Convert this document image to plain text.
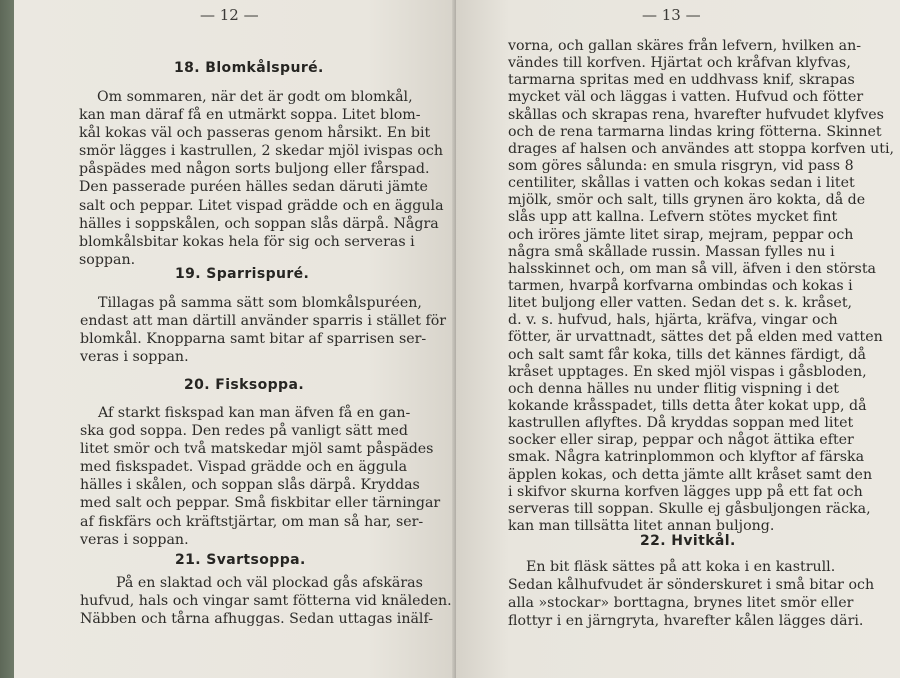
— 12 —
18. Blomkålspuré.
Om sommaren, när det är godt om blomkål,
kan man däraf få en utmärkt soppa. Litet blom-
kål kokas väl och passeras genom hårsikt. En bit
smör lägges i kastrullen, 2 skedar mjöl ivispas och
påspädes med någon sorts buljong eller fårspad.
Den passerade puréen hälles sedan däruti jämte
salt och peppar. Litet vispad grädde och en äggula
hälles i soppskålen, och soppan slås därpå. Några
blomkålsbitar kokas hela för sig och serveras i
soppan.
19. Sparrispuré.
Tillagas på samma sätt som blomkålspuréen,
endast att man därtill använder sparris i stället för
blomkål. Knopparna samt bitar af sparrisen ser-
veras i soppan.
20. Fisksoppa.
Af starkt fiskspad kan man äfven få en gan-
ska god soppa. Den redes på vanligt sätt med
litet smör och två matskedar mjöl samt påspädes
med fiskspadet. Vispad grädde och en äggula
hälles i skålen, och soppan slås därpå. Kryddas
med salt och peppar. Små fiskbitar eller tärningar
af fiskfärs och kräftstjärtar, om man så har, ser-
veras i soppan.
21. Svartsoppa.
På en slaktad och väl plockad gås afskäras
hufvud, hals och vingar samt fötterna vid knäleden.
Näbben och tårna afhuggas. Sedan uttagas inälf-
— 13 —
vorna, och gallan skäres från lefvern, hvilken an-
vändes till korfven. Hjärtat och kråfvan klyfvas,
tarmarna spritas med en uddhvass knif, skrapas
mycket väl och läggas i vatten. Hufvud och fötter
skållas och skrapas rena, hvarefter hufvudet klyfves
och de rena tarmarna lindas kring fötterna. Skinnet
drages af halsen och användes att stoppa korfven uti,
som göres sålunda: en smula risgryn, vid pass 8
centiliter, skållas i vatten och kokas sedan i litet
mjölk, smör och salt, tills grynen äro kokta, då de
slås upp att kallna. Lefvern stötes mycket fint
och iröres jämte litet sirap, mejram, peppar och
några små skållade russin. Massan fylles nu i
halsskinnet och, om man så vill, äfven i den största
tarmen, hvarpå korfvarna ombindas och kokas i
litet buljong eller vatten. Sedan det s. k. kråset,
d. v. s. hufvud, hals, hjärta, kräfva, vingar och
fötter, är urvattnadt, sättes det på elden med vatten
och salt samt får koka, tills det kännes färdigt, då
kråset upptages. En sked mjöl vispas i gåsbloden,
och denna hälles nu under flitig vispning i det
kokande kråsspadet, tills detta åter kokat upp, då
kastrullen aflyftes. Då kryddas soppan med litet
socker eller sirap, peppar och något ättika efter
smak. Några katrinplommon och klyftor af färska
äpplen kokas, och detta jämte allt kråset samt den
i skifvor skurna korfven lägges upp på ett fat och
serveras till soppan. Skulle ej gåsbuljongen räcka,
kan man tillsätta litet annan buljong.
22. Hvitkål.
En bit fläsk sättes på att koka i en kastrull.
Sedan kålhufvudet är sönderskuret i små bitar och
alla »stockar» borttagna, brynes litet smör eller
flottyr i en järngryta, hvarefter kålen lägges däri.
